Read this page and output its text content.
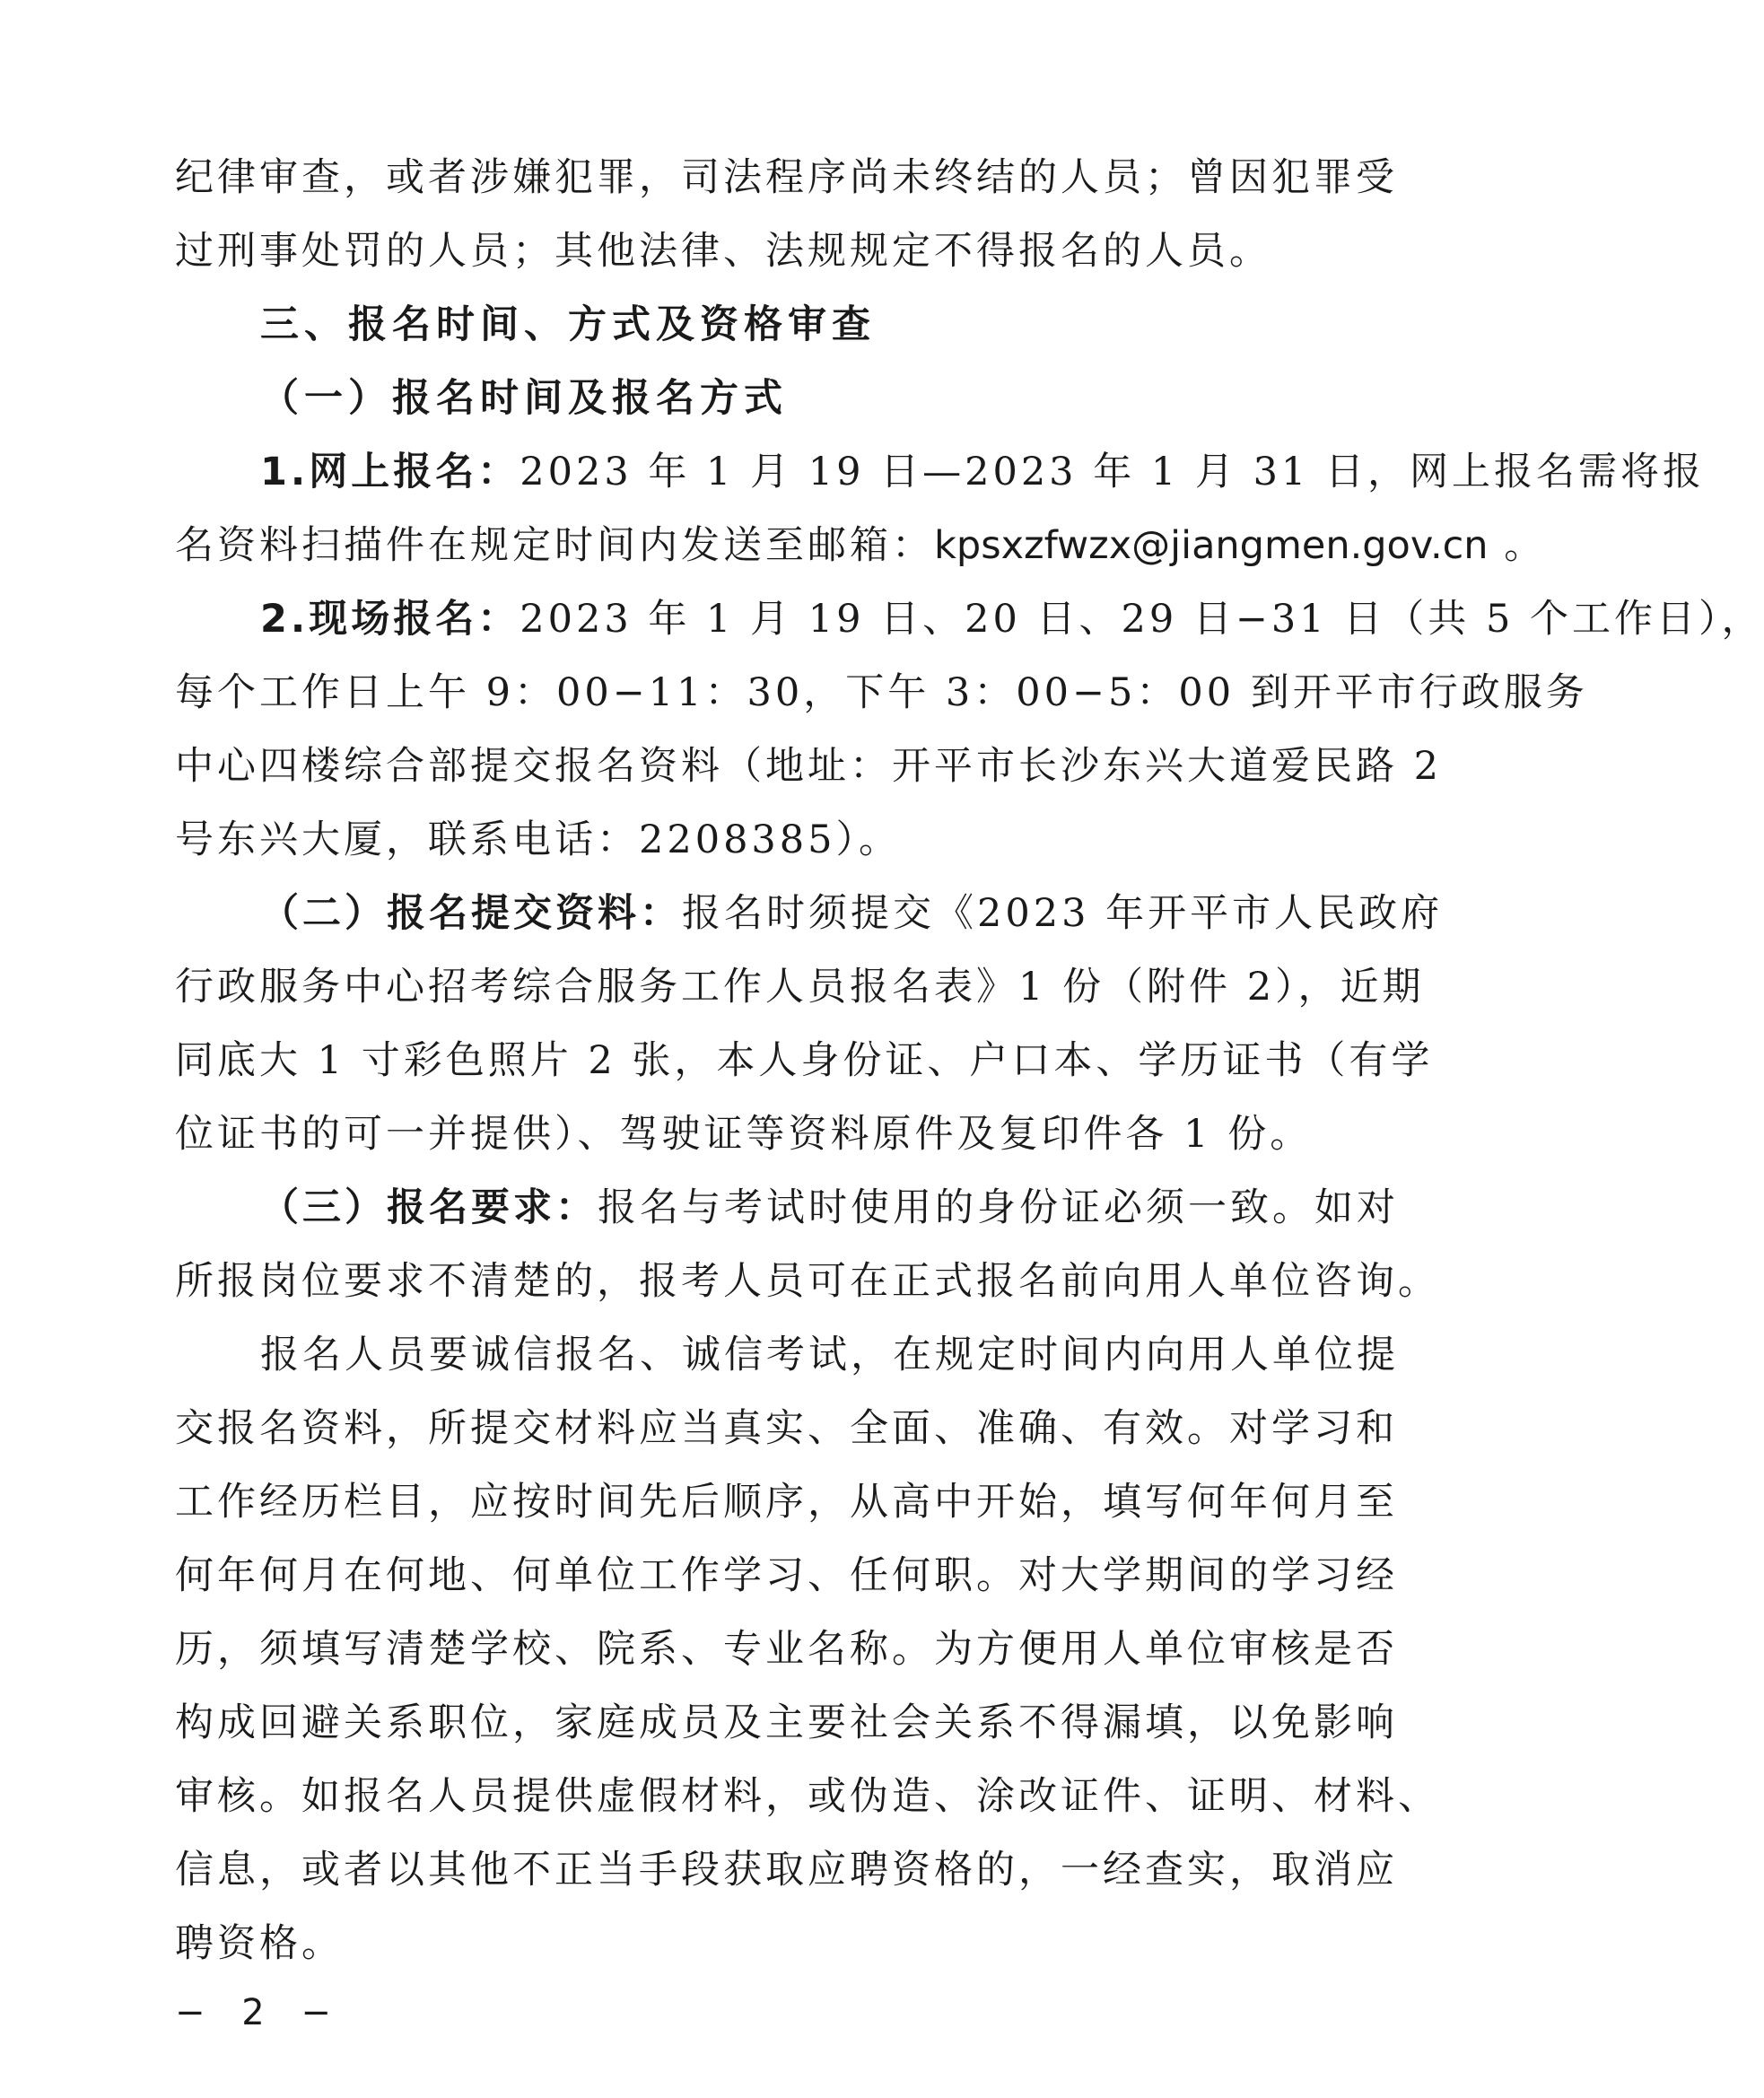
纪律审查，或者涉嫌犯罪，司法程序尚未终结的人员；曾因犯罪受
过刑事处罚的人员；其他法律、法规规定不得报名的人员。
三、报名时间、方式及资格审查
（一）报名时间及报名方式
1.网上报名：2023 年 1 月 19 日—2023 年 1 月 31 日，网上报名需将报
名资料扫描件在规定时间内发送至邮箱：kpsxzfwzx@jiangmen.gov.cn 。
2.现场报名：2023 年 1 月 19 日、20 日、29 日−31 日（共 5 个工作日），
每个工作日上午 9：00−11：30，下午 3：00−5：00 到开平市行政服务
中心四楼综合部提交报名资料（地址：开平市长沙东兴大道爱民路 2
号东兴大厦，联系电话：2208385）。
（二）报名提交资料：报名时须提交《2023 年开平市人民政府
行政服务中心招考综合服务工作人员报名表》1 份（附件 2），近期
同底大 1 寸彩色照片 2 张，本人身份证、户口本、学历证书（有学
位证书的可一并提供）、驾驶证等资料原件及复印件各 1 份。
（三）报名要求：报名与考试时使用的身份证必须一致。如对
所报岗位要求不清楚的，报考人员可在正式报名前向用人单位咨询。
报名人员要诚信报名、诚信考试，在规定时间内向用人单位提
交报名资料，所提交材料应当真实、全面、准确、有效。对学习和
工作经历栏目，应按时间先后顺序，从高中开始，填写何年何月至
何年何月在何地、何单位工作学习、任何职。对大学期间的学习经
历，须填写清楚学校、院系、专业名称。为方便用人单位审核是否
构成回避关系职位，家庭成员及主要社会关系不得漏填，以免影响
审核。如报名人员提供虚假材料，或伪造、涂改证件、证明、材料、
信息，或者以其他不正当手段获取应聘资格的，一经查实，取消应
聘资格。
− 2 −
